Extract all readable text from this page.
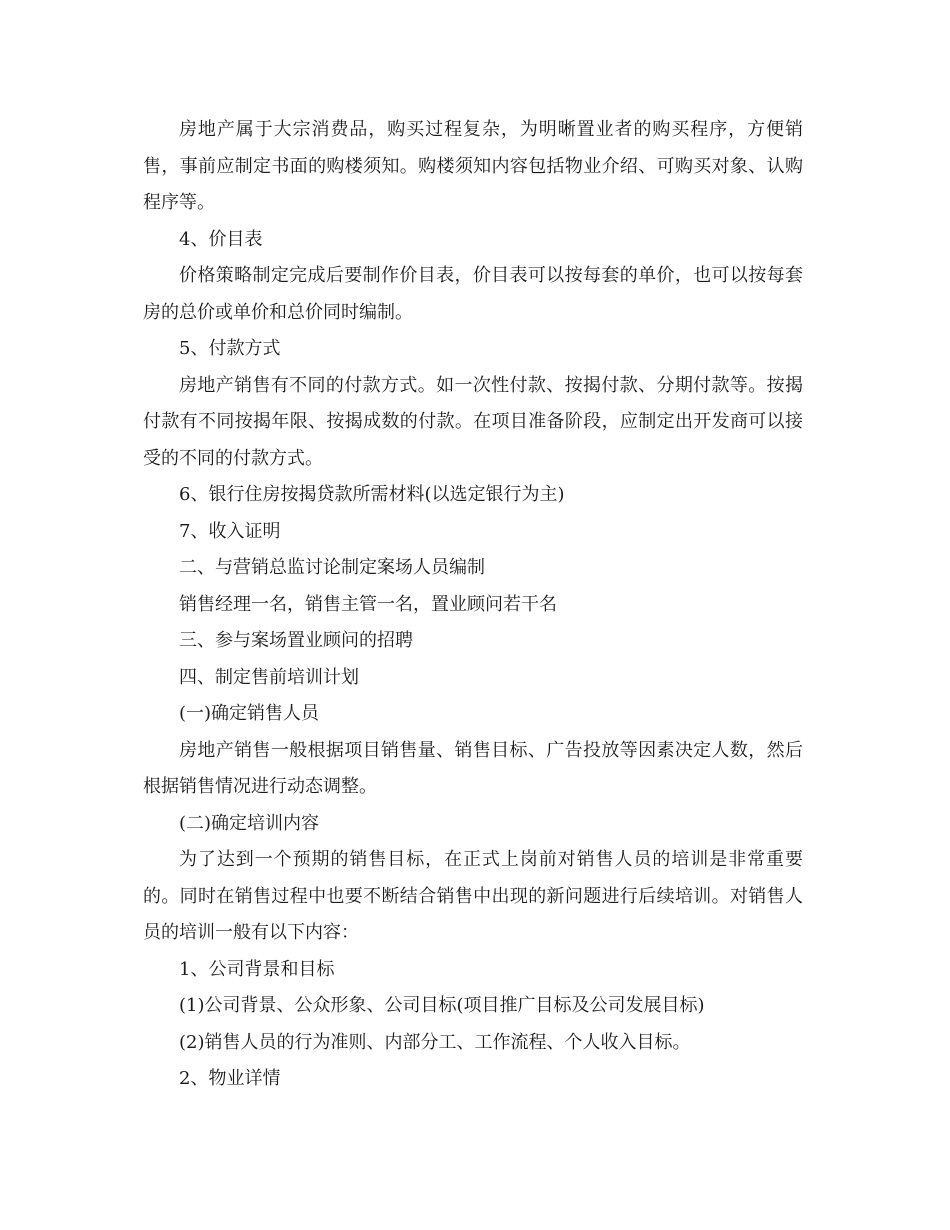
房地产属于大宗消费品，购买过程复杂，为明晰置业者的购买程序，方便销售，事前应制定书面的购楼须知。购楼须知内容包括物业介绍、可购买对象、认购程序等。

4、价目表

价格策略制定完成后要制作价目表，价目表可以按每套的单价，也可以按每套房的总价或单价和总价同时编制。

5、付款方式

房地产销售有不同的付款方式。如一次性付款、按揭付款、分期付款等。按揭付款有不同按揭年限、按揭成数的付款。在项目准备阶段，应制定出开发商可以接受的不同的付款方式。

6、银行住房按揭贷款所需材料(以选定银行为主)

7、收入证明

二、与营销总监讨论制定案场人员编制

销售经理一名，销售主管一名，置业顾问若干名

三、参与案场置业顾问的招聘

四、制定售前培训计划

(一)确定销售人员

房地产销售一般根据项目销售量、销售目标、广告投放等因素决定人数，然后根据销售情况进行动态调整。

(二)确定培训内容

为了达到一个预期的销售目标，在正式上岗前对销售人员的培训是非常重要的。同时在销售过程中也要不断结合销售中出现的新问题进行后续培训。对销售人员的培训一般有以下内容：

1、公司背景和目标

(1)公司背景、公众形象、公司目标(项目推广目标及公司发展目标)

(2)销售人员的行为准则、内部分工、工作流程、个人收入目标。

2、物业详情
